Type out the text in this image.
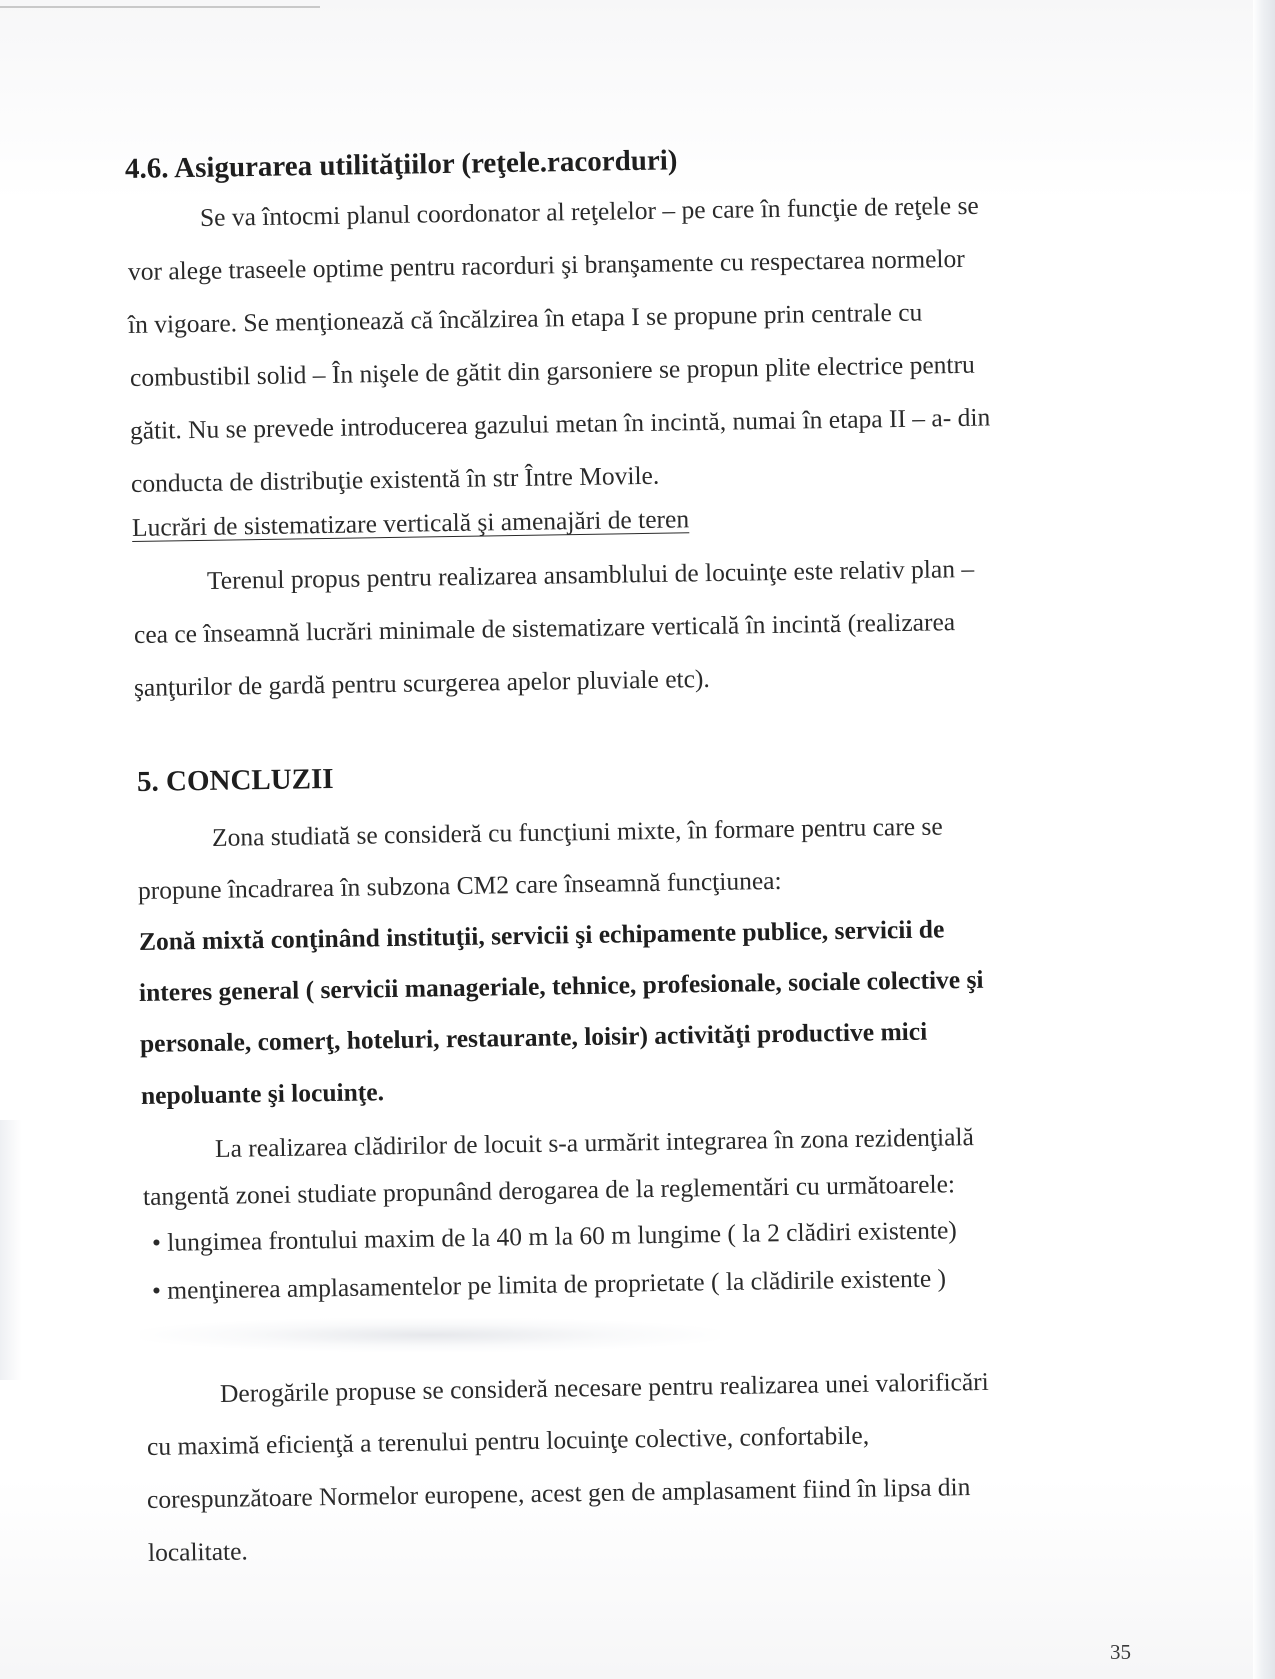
4.6. Asigurarea utilităţiilor (reţele.racorduri)
Se va întocmi planul coordonator al reţelelor – pe care în funcţie de reţele se
vor alege traseele optime pentru racorduri şi branşamente cu respectarea normelor
în vigoare. Se menţionează că încălzirea în etapa I se propune prin centrale cu
combustibil solid – În nişele de gătit din garsoniere se propun plite electrice pentru
gătit. Nu se prevede introducerea gazului metan în incintă, numai în etapa II – a- din
conducta de distribuţie existentă în str Între Movile.
Lucrări de sistematizare verticală şi amenajări de teren
Terenul propus pentru realizarea ansamblului de locuinţe este relativ plan –
cea ce înseamnă lucrări minimale de sistematizare verticală în incintă (realizarea
şanţurilor de gardă pentru scurgerea apelor pluviale etc).
5. CONCLUZII
Zona studiată se consideră cu funcţiuni mixte, în formare pentru care se
propune încadrarea în subzona CM2 care înseamnă funcţiunea:
Zonă mixtă conţinând instituţii, servicii şi echipamente publice, servicii de
interes general ( servicii manageriale, tehnice, profesionale, sociale colective şi
personale, comerţ, hoteluri, restaurante, loisir) activităţi productive mici
nepoluante şi locuinţe.
La realizarea clădirilor de locuit s-a urmărit integrarea în zona rezidenţială
tangentă zonei studiate propunând derogarea de la reglementări cu următoarele:
• lungimea frontului maxim de la 40 m la 60 m lungime ( la 2 clădiri existente)
• menţinerea amplasamentelor pe limita de proprietate ( la clădirile existente )
Derogările propuse se consideră necesare pentru realizarea unei valorificări
cu maximă eficienţă a terenului pentru locuinţe colective, confortabile,
corespunzătoare Normelor europene, acest gen de amplasament fiind în lipsa din
localitate.
35
